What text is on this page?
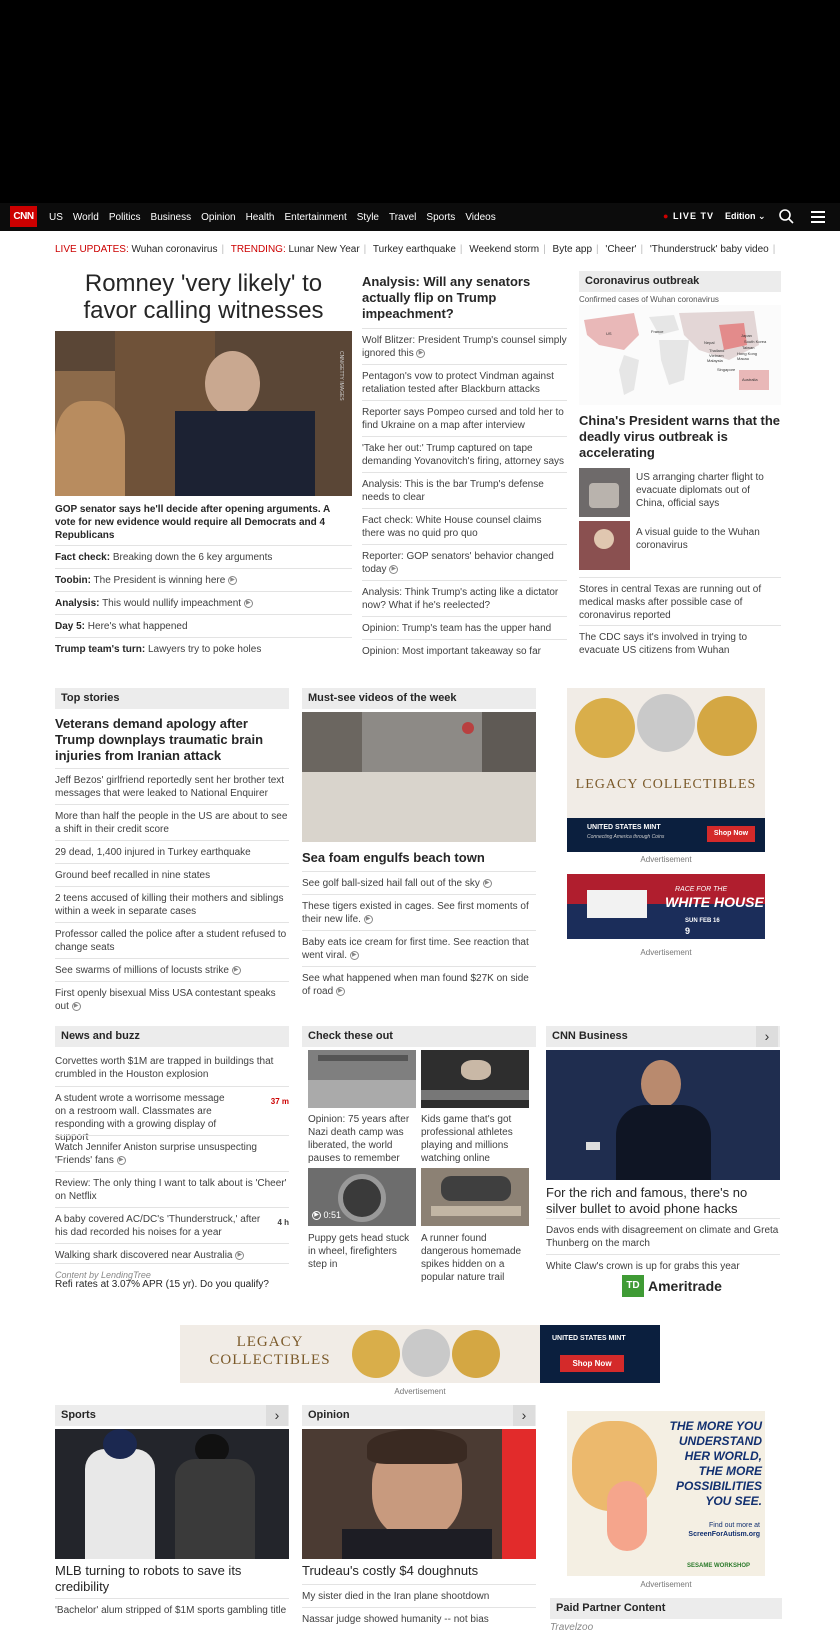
CNN	US World Politics Business Opinion Health Entertainment Style Travel Sports Videos	● LIVE TV Edition ⌄
LIVE UPDATES: Wuhan coronavirus | TRENDING: Lunar New Year | Turkey earthquake | Weekend storm | Byte app | 'Cheer' | 'Thunderstruck' baby video |
Romney 'very likely' to favor calling witnesses
CNN/GETTY IMAGES
GOP senator says he'll decide after opening arguments. A vote for new evidence would require all Democrats and 4 Republicans
Fact check: Breaking down the 6 key arguments
Toobin: The President is winning here ▶
Analysis: This would nullify impeachment ▶
Day 5: Here's what happened
Trump team's turn: Lawyers try to poke holes
Analysis: Will any senators actually flip on Trump impeachment?
Wolf Blitzer: President Trump's counsel simply ignored this ▶
Pentagon's vow to protect Vindman against retaliation tested after Blackburn attacks
Reporter says Pompeo cursed and told her to find Ukraine on a map after interview
'Take her out:' Trump captured on tape demanding Yovanovitch's firing, attorney says
Analysis: This is the bar Trump's defense needs to clear
Fact check: White House counsel claims there was no quid pro quo
Reporter: GOP senators' behavior changed today ▶
Analysis: Think Trump's acting like a dictator now? What if he's reelected?
Opinion: Trump's team has the upper hand
Opinion: Most important takeaway so far
Coronavirus outbreak
Confirmed cases of Wuhan coronavirus
US	France
Japan
South Korea
Nepal
Taiwan
Thailand
Vietnam	Hong Kong
Macau
Malaysia
Singapore
Australia
China's President warns that the deadly virus outbreak is accelerating
US arranging charter flight to evacuate diplomats out of China, official says
A visual guide to the Wuhan coronavirus
Stores in central Texas are running out of medical masks after possible case of coronavirus reported
The CDC says it's involved in trying to evacuate US citizens from Wuhan
Top stories
Veterans demand apology after Trump downplays traumatic brain injuries from Iranian attack
Jeff Bezos' girlfriend reportedly sent her brother text messages that were leaked to National Enquirer
More than half the people in the US are about to see a shift in their credit score
29 dead, 1,400 injured in Turkey earthquake
Ground beef recalled in nine states
2 teens accused of killing their mothers and siblings within a week in separate cases
Professor called the police after a student refused to change seats
See swarms of millions of locusts strike ▶
First openly bisexual Miss USA contestant speaks out ▶
Must-see videos of the week
Sea foam engulfs beach town
See golf ball-sized hail fall out of the sky ▶
These tigers existed in cages. See first moments of their new life. ▶
Baby eats ice cream for first time. See reaction that went viral. ▶
See what happened when man found $27K on side of road ▶
LEGACY COLLECTIBLES
UNITED STATES MINT
Connecting America through Coins	Shop Now
Advertisement
RACE FOR THE
WHITE HOUSE
SUN FEB 16
9
Advertisement
News and buzz
Corvettes worth $1M are trapped in buildings that crumbled in the Houston explosion
A student wrote a worrisome message on a restroom wall. Classmates are responding with a growing display of support
37 m
Watch Jennifer Aniston surprise unsuspecting 'Friends' fans ▶
Review: The only thing I want to talk about is 'Cheer' on Netflix
A baby covered AC/DC's 'Thunderstruck,' after his dad recorded his noises for a year
4 h
Walking shark discovered near Australia ▶
Content by LendingTree
Refi rates at 3.07% APR (15 yr). Do you qualify?
Check these out
Opinion: 75 years after Nazi death camp was liberated, the world pauses to remember
Kids game that's got professional athletes playing and millions watching online
▶ 0:51
Puppy gets head stuck in wheel, firefighters step in
A runner found dangerous homemade spikes hidden on a popular nature trail
CNN Business	›
For the rich and famous, there's no silver bullet to avoid phone hacks
Davos ends with disagreement on climate and Greta Thunberg on the march
White Claw's crown is up for grabs this year
TD Ameritrade
LEGACY COLLECTIBLES
UNITED STATES MINT
Shop Now
Advertisement
Sports	›
MLB turning to robots to save its credibility
'Bachelor' alum stripped of $1M sports gambling title
Opinion	›
Trudeau's costly $4 doughnuts
My sister died in the Iran plane shootdown
Nassar judge showed humanity -- not bias
THE MORE YOU
UNDERSTAND
HER WORLD,
THE MORE
POSSIBILITIES
YOU SEE.
Find out more at
ScreenForAutism.org
SESAME WORKSHOP
Advertisement
Paid Partner Content
Travelzoo
